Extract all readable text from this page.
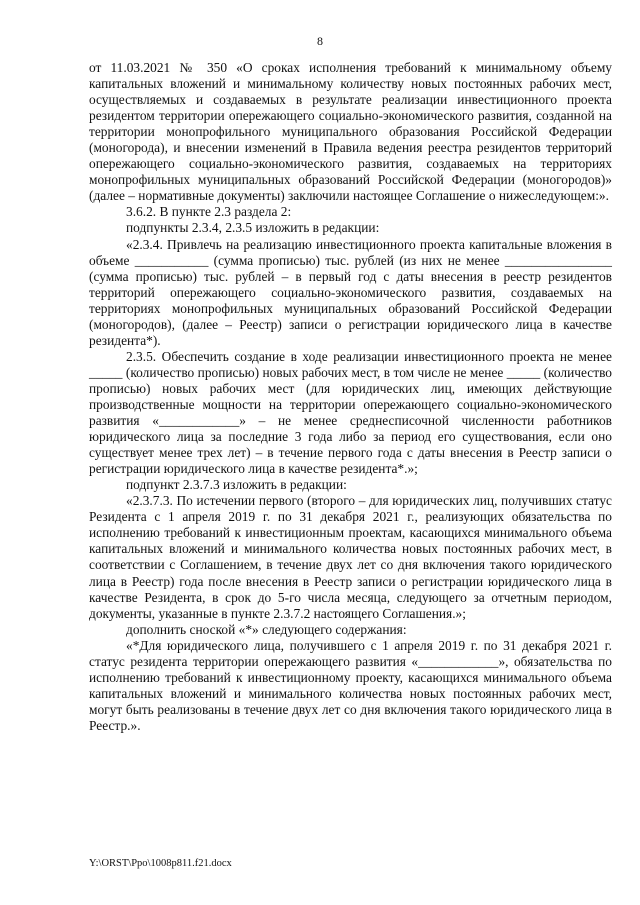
8

от 11.03.2021 № 350 «О сроках исполнения требований к минимальному объему капитальных вложений и минимальному количеству новых постоянных рабочих мест, осуществляемых и создаваемых в результате реализации инвестиционного проекта резидентом территории опережающего социально-экономического развития, созданной на территории монопрофильного муниципального образования Российской Федерации (моногорода), и внесении изменений в Правила ведения реестра резидентов территорий опережающего социально-экономического развития, создаваемых на территориях монопрофильных муниципальных образований Российской Федерации (моногородов)» (далее – нормативные документы) заключили настоящее Соглашение о нижеследующем:».

3.6.2. В пункте 2.3 раздела 2:

подпункты 2.3.4, 2.3.5 изложить в редакции:

«2.3.4. Привлечь на реализацию инвестиционного проекта капитальные вложения в объеме ___________ (сумма прописью) тыс. рублей (из них не менее ________________ (сумма прописью) тыс. рублей – в первый год с даты внесения в реестр резидентов территорий опережающего социально-экономического развития, создаваемых на территориях монопрофильных муниципальных образований Российской Федерации (моногородов), (далее – Реестр) записи о регистрации юридического лица в качестве резидента*).

2.3.5. Обеспечить создание в ходе реализации инвестиционного проекта не менее _____ (количество прописью) новых рабочих мест, в том числе не менее _____ (количество прописью) новых рабочих мест (для юридических лиц, имеющих действующие производственные мощности на территории опережающего социально-экономического развития «____________» – не менее среднесписочной численности работников юридического лица за последние 3 года либо за период его существования, если оно существует менее трех лет) – в течение первого года с даты внесения в Реестр записи о регистрации юридического лица в качестве резидента*.»;

подпункт 2.3.7.3 изложить в редакции:

«2.3.7.3. По истечении первого (второго – для юридических лиц, получивших статус Резидента с 1 апреля 2019 г. по 31 декабря 2021 г., реализующих обязательства по исполнению требований к инвестиционным проектам, касающихся минимального объема капитальных вложений и минимального количества новых постоянных рабочих мест, в соответствии с Соглашением, в течение двух лет со дня включения такого юридического лица в Реестр) года после внесения в Реестр записи о регистрации юридического лица в качестве Резидента, в срок до 5-го числа месяца, следующего за отчетным периодом, документы, указанные в пункте 2.3.7.2 настоящего Соглашения.»;

дополнить сноской «*» следующего содержания:

«*Для юридического лица, получившего с 1 апреля 2019 г. по 31 декабря 2021 г. статус резидента территории опережающего развития «____________», обязательства по исполнению требований к инвестиционному проекту, касающихся минимального объема капитальных вложений и минимального количества новых постоянных рабочих мест, могут быть реализованы в течение двух лет со дня включения такого юридического лица в Реестр.».

Y:\ORST\Ppo\1008p811.f21.docx
